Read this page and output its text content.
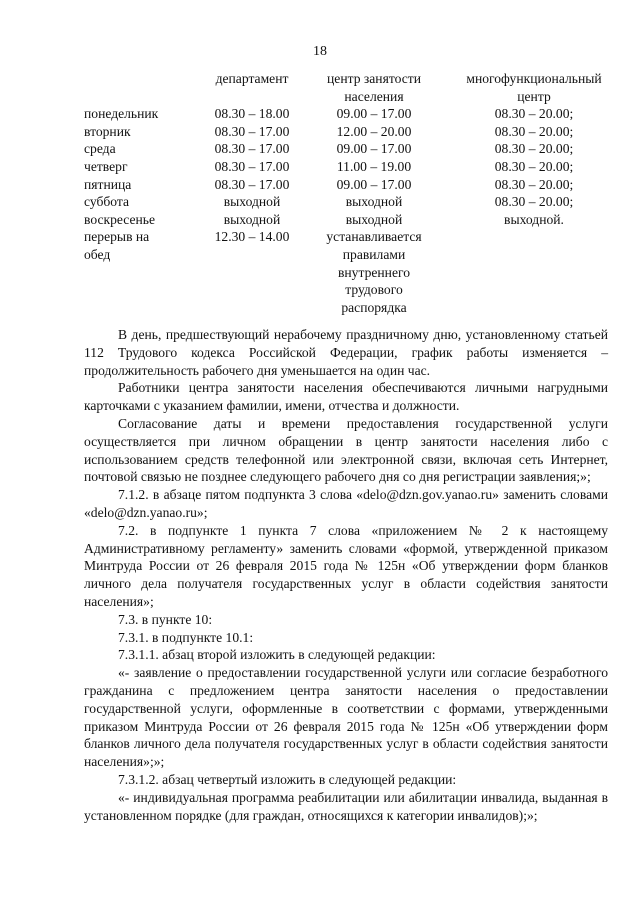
18
понедельник
вторник
среда
четверг
пятница
суббота
воскресенье
перерыв на обед
департамент
08.30 – 18.00
08.30 – 17.00
08.30 – 17.00
08.30 – 17.00
08.30 – 17.00
выходной
выходной
12.30 – 14.00
центр занятости населения
09.00 – 17.00
12.00 – 20.00
09.00 – 17.00
11.00 – 19.00
09.00 – 17.00
выходной
выходной
устанавливается правилами внутреннего трудового распорядка
многофункциональный центр
08.30 – 20.00;
08.30 – 20.00;
08.30 – 20.00;
08.30 – 20.00;
08.30 – 20.00;
08.30 – 20.00;
выходной.

В день, предшествующий нерабочему праздничному дню, установленному статьей 112 Трудового кодекса Российской Федерации, график работы изменяется – продолжительность рабочего дня уменьшается на один час.

Работники центра занятости населения обеспечиваются личными нагрудными карточками с указанием фамилии, имени, отчества и должности.

Согласование даты и времени предоставления государственной услуги осуществляется при личном обращении в центр занятости населения либо с использованием средств телефонной или электронной связи, включая сеть Интернет, почтовой связью не позднее следующего рабочего дня со дня регистрации заявления;»;

7.1.2. в абзаце пятом подпункта 3 слова «delo@dzn.gov.yanao.ru» заменить словами «delo@dzn.yanao.ru»;

7.2. в подпункте 1 пункта 7 слова «приложением № 2 к настоящему Административному регламенту» заменить словами «формой, утвержденной приказом Минтруда России от 26 февраля 2015 года № 125н «Об утверждении форм бланков личного дела получателя государственных услуг в области содействия занятости населения»;

7.3. в пункте 10:

7.3.1. в подпункте 10.1:

7.3.1.1. абзац второй изложить в следующей редакции:

«- заявление о предоставлении государственной услуги или согласие безработного гражданина с предложением центра занятости населения о предоставлении государственной услуги, оформленные в соответствии с формами, утвержденными приказом Минтруда России от 26 февраля 2015 года № 125н «Об утверждении форм бланков личного дела получателя государственных услуг в области содействия занятости населения»;»;

7.3.1.2. абзац четвертый изложить в следующей редакции:

«- индивидуальная программа реабилитации или абилитации инвалида, выданная в установленном порядке (для граждан, относящихся к категории инвалидов);»;
